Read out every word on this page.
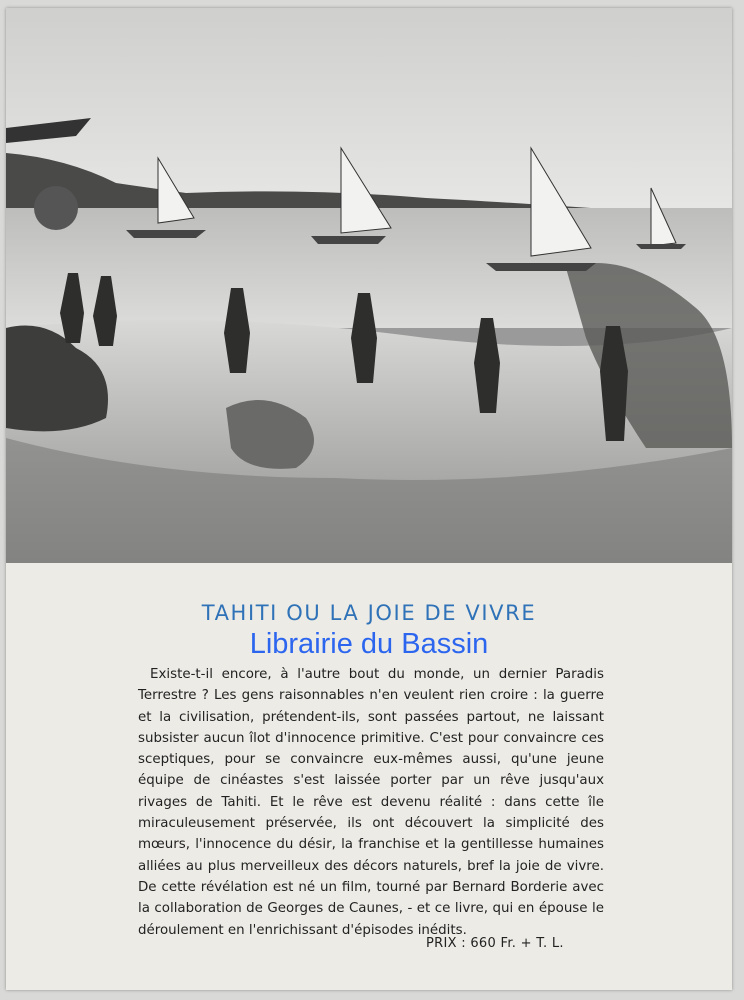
TAHITI OU LA JOIE DE VIVRE
Librairie du Bassin
Existe-t-il encore, à l'autre bout du monde, un dernier Paradis Terrestre ? Les gens raisonnables n'en veulent rien croire : la guerre et la civilisation, prétendent-ils, sont passées partout, ne laissant subsister aucun îlot d'innocence primitive. C'est pour convaincre ces sceptiques, pour se convaincre eux-mêmes aussi, qu'une jeune équipe de cinéastes s'est laissée porter par un rêve jusqu'aux rivages de Tahiti. Et le rêve est devenu réalité : dans cette île miraculeusement préservée, ils ont découvert la simplicité des mœurs, l'innocence du désir, la franchise et la gentillesse humaines alliées au plus merveilleux des décors naturels, bref la joie de vivre. De cette révélation est né un film, tourné par Bernard Borderie avec la collaboration de Georges de Caunes, - et ce livre, qui en épouse le déroulement en l'enrichissant d'épisodes inédits.
PRIX : 660 Fr. + T. L.
